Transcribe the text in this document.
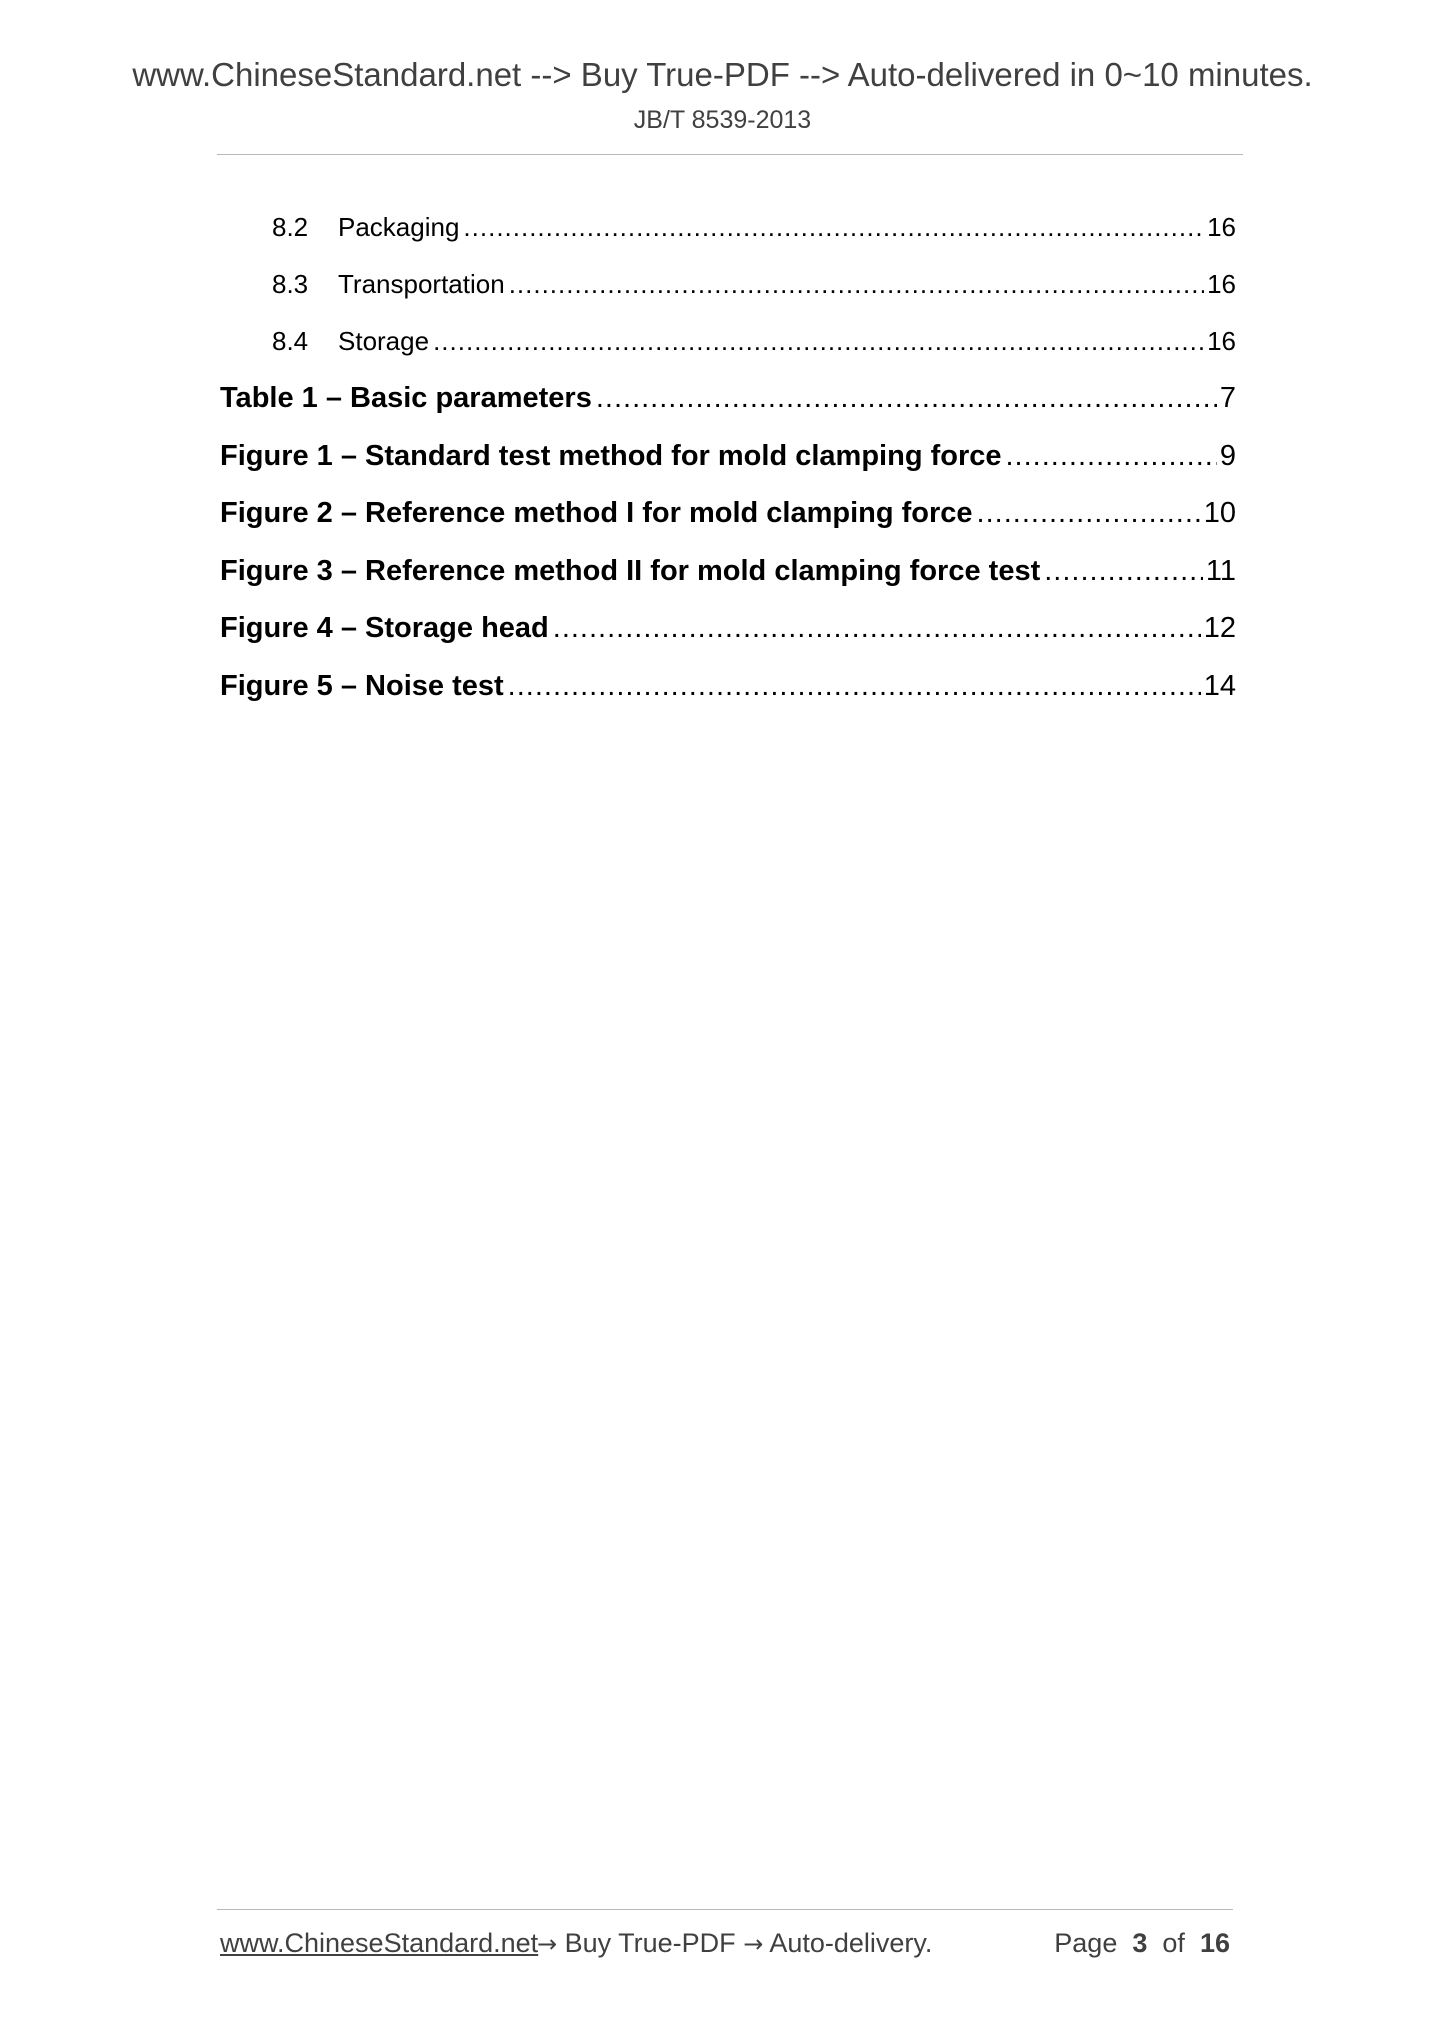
www.ChineseStandard.net --> Buy True-PDF --> Auto-delivered in 0~10 minutes.
JB/T 8539-2013
8.2	Packaging .....	16
8.3	Transportation .....	16
8.4	Storage .....	16
Table 1 – Basic parameters .....	7
Figure 1 – Standard test method for mold clamping force .....	9
Figure 2 – Reference method I for mold clamping force .....	10
Figure 3 – Reference method II for mold clamping force test .....	11
Figure 4 – Storage head .....	12
Figure 5 – Noise test .....	14
www.ChineseStandard.net
→ Buy True-PDF → Auto-delivery.	Page 3 of 16
